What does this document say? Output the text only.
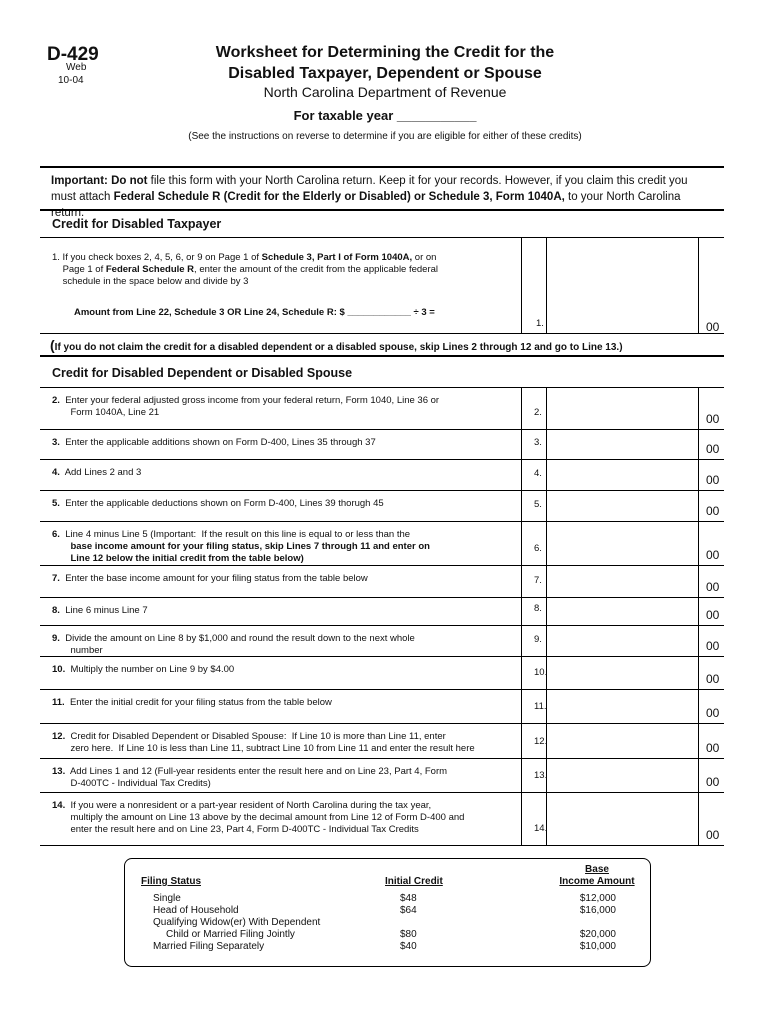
D-429
Web
10-04
Worksheet for Determining the Credit for the
Disabled Taxpayer, Dependent or Spouse
North Carolina Department of Revenue
For taxable year ___________
(See the instructions on reverse to determine if you are eligible for either of these credits)
Important: Do not file this form with your North Carolina return. Keep it for your records. However, if you claim this credit you must attach Federal Schedule R (Credit for the Elderly or Disabled) or Schedule 3, Form 1040A, to your North Carolina return.
Credit for Disabled Taxpayer
1. If you check boxes 2, 4, 5, 6, or 9 on Page 1 of Schedule 3, Part I of Form 1040A, or on
Page 1 of Federal Schedule R, enter the amount of the credit from the applicable federal
schedule in the space below and divide by 3
Amount from Line 22, Schedule 3 OR Line 24, Schedule R: $ ____________ ÷ 3 =
1.	00
(If you do not claim the credit for a disabled dependent or a disabled spouse, skip Lines 2 through 12 and go to Line 13.)
Credit for Disabled Dependent or Disabled Spouse
2.  Enter your federal adjusted gross income from your federal return, Form 1040, Line 36 or
Form 1040A, Line 21	2.	00
3.  Enter the applicable additions shown on Form D-400, Lines 35 through 37	3.	00
4.  Add Lines 2 and 3	4.	00
5.  Enter the applicable deductions shown on Form D-400, Lines 39 thorugh 45	5.	00
6.  Line 4 minus Line 5 (Important:  If the result on this line is equal to or less than the
base income amount for your filing status, skip Lines 7 through 11 and enter on
Line 12 below the initial credit from the table below)
6.	00
7.  Enter the base income amount for your filing status from the table below	7.	00
8.  Line 6 minus Line 7	8.	00
9.  Divide the amount on Line 8 by $1,000 and round the result down to the next whole
number
9.	00
10.  Multiply the number on Line 9 by $4.00	10.	00
11.  Enter the initial credit for your filing status from the table below	11.	00
12.  Credit for Disabled Dependent or Disabled Spouse:  If Line 10 is more than Line 11, enter
zero here.  If Line 10 is less than Line 11, subtract Line 10 from Line 11 and enter the result here
12.	00
13.  Add Lines 1 and 12 (Full-year residents enter the result here and on Line 23, Part 4, Form
D-400TC - Individual Tax Credits)
13.	00
14.  If you were a nonresident or a part-year resident of North Carolina during the tax year,
multiply the amount on Line 13 above by the decimal amount from Line 12 of Form D-400 and
enter the result here and on Line 23, Part 4, Form D-400TC - Individual Tax Credits	14.	00
Filing Status	Initial Credit
Base
Income Amount
Single	$48	$12,000
Head of Household	$64	$16,000
Qualifying Widow(er) With Dependent
Child or Married Filing Jointly	$80	$20,000
Married Filing Separately	$40	$10,000
